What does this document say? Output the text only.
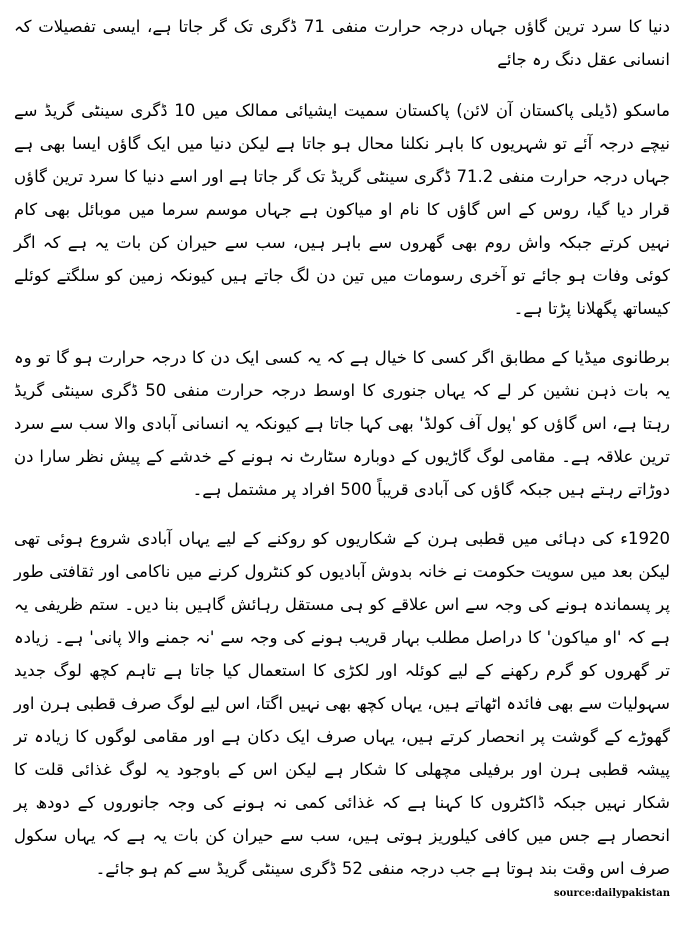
دنیا کا سرد ترین گاؤں جہاں درجہ حرارت منفی 71 ڈگری تک گر جاتا ہے، ایسی تفصیلات کہ انسانی عقل دنگ رہ جائے

ماسکو (ڈیلی پاکستان آن لائن) پاکستان سمیت ایشیائی ممالک میں 10 ڈگری سینٹی گریڈ سے نیچے درجہ آئے تو شہریوں کا باہر نکلنا محال ہو جاتا ہے لیکن دنیا میں ایک گاؤں ایسا بھی ہے جہاں درجہ حرارت منفی 71.2 ڈگری سینٹی گریڈ تک گر جاتا ہے اور اسے دنیا کا سرد ترین گاؤں قرار دیا گیا، روس کے اس گاؤں کا نام او میاکون ہے جہاں موسم سرما میں موبائل بھی کام نہیں کرتے جبکہ واش روم بھی گھروں سے باہر ہیں، سب سے حیران کن بات یہ ہے کہ اگر کوئی وفات ہو جائے تو آخری رسومات میں تین دن لگ جاتے ہیں کیونکہ زمین کو سلگتے کوئلے کیساتھ پگھلانا پڑتا ہے۔

برطانوی میڈیا کے مطابق اگر کسی کا خیال ہے کہ یہ کسی ایک دن کا درجہ حرارت ہو گا تو وہ یہ بات ذہن نشین کر لے کہ یہاں جنوری کا اوسط درجہ حرارت منفی 50 ڈگری سینٹی گریڈ رہتا ہے، اس گاؤں کو 'پول آف کولڈ' بھی کہا جاتا ہے کیونکہ یہ انسانی آبادی والا سب سے سرد ترین علاقہ ہے۔ مقامی لوگ گاڑیوں کے دوبارہ سٹارٹ نہ ہونے کے خدشے کے پیش نظر سارا دن دوڑاتے رہتے ہیں جبکہ گاؤں کی آبادی قریباً 500 افراد پر مشتمل ہے۔

1920ء کی دہائی میں قطبی ہرن کے شکاریوں کو روکنے کے لیے یہاں آبادی شروع ہوئی تھی لیکن بعد میں سویت حکومت نے خانہ بدوش آبادیوں کو کنٹرول کرنے میں ناکامی اور ثقافتی طور پر پسماندہ ہونے کی وجہ سے اس علاقے کو ہی مستقل رہائش گاہیں بنا دیں۔ ستم ظریفی یہ ہے کہ 'او میاکون' کا دراصل مطلب بہار قریب ہونے کی وجہ سے 'نہ جمنے والا پانی' ہے۔ زیادہ تر گھروں کو گرم رکھنے کے لیے کوئلہ اور لکڑی کا استعمال کیا جاتا ہے تاہم کچھ لوگ جدید سہولیات سے بھی فائدہ اٹھاتے ہیں، یہاں کچھ بھی نہیں اگتا، اس لیے لوگ صرف قطبی ہرن اور گھوڑے کے گوشت پر انحصار کرتے ہیں، یہاں صرف ایک دکان ہے اور مقامی لوگوں کا زیادہ تر پیشہ قطبی ہرن اور برفیلی مچھلی کا شکار ہے لیکن اس کے باوجود یہ لوگ غذائی قلت کا شکار نہیں جبکہ ڈاکٹروں کا کہنا ہے کہ غذائی کمی نہ ہونے کی وجہ جانوروں کے دودھ پر انحصار ہے جس میں کافی کیلوریز ہوتی ہیں، سب سے حیران کن بات یہ ہے کہ یہاں سکول صرف اس وقت بند ہوتا ہے جب درجہ منفی 52 ڈگری سینٹی گریڈ سے کم ہو جائے۔

source:dailypakistan
